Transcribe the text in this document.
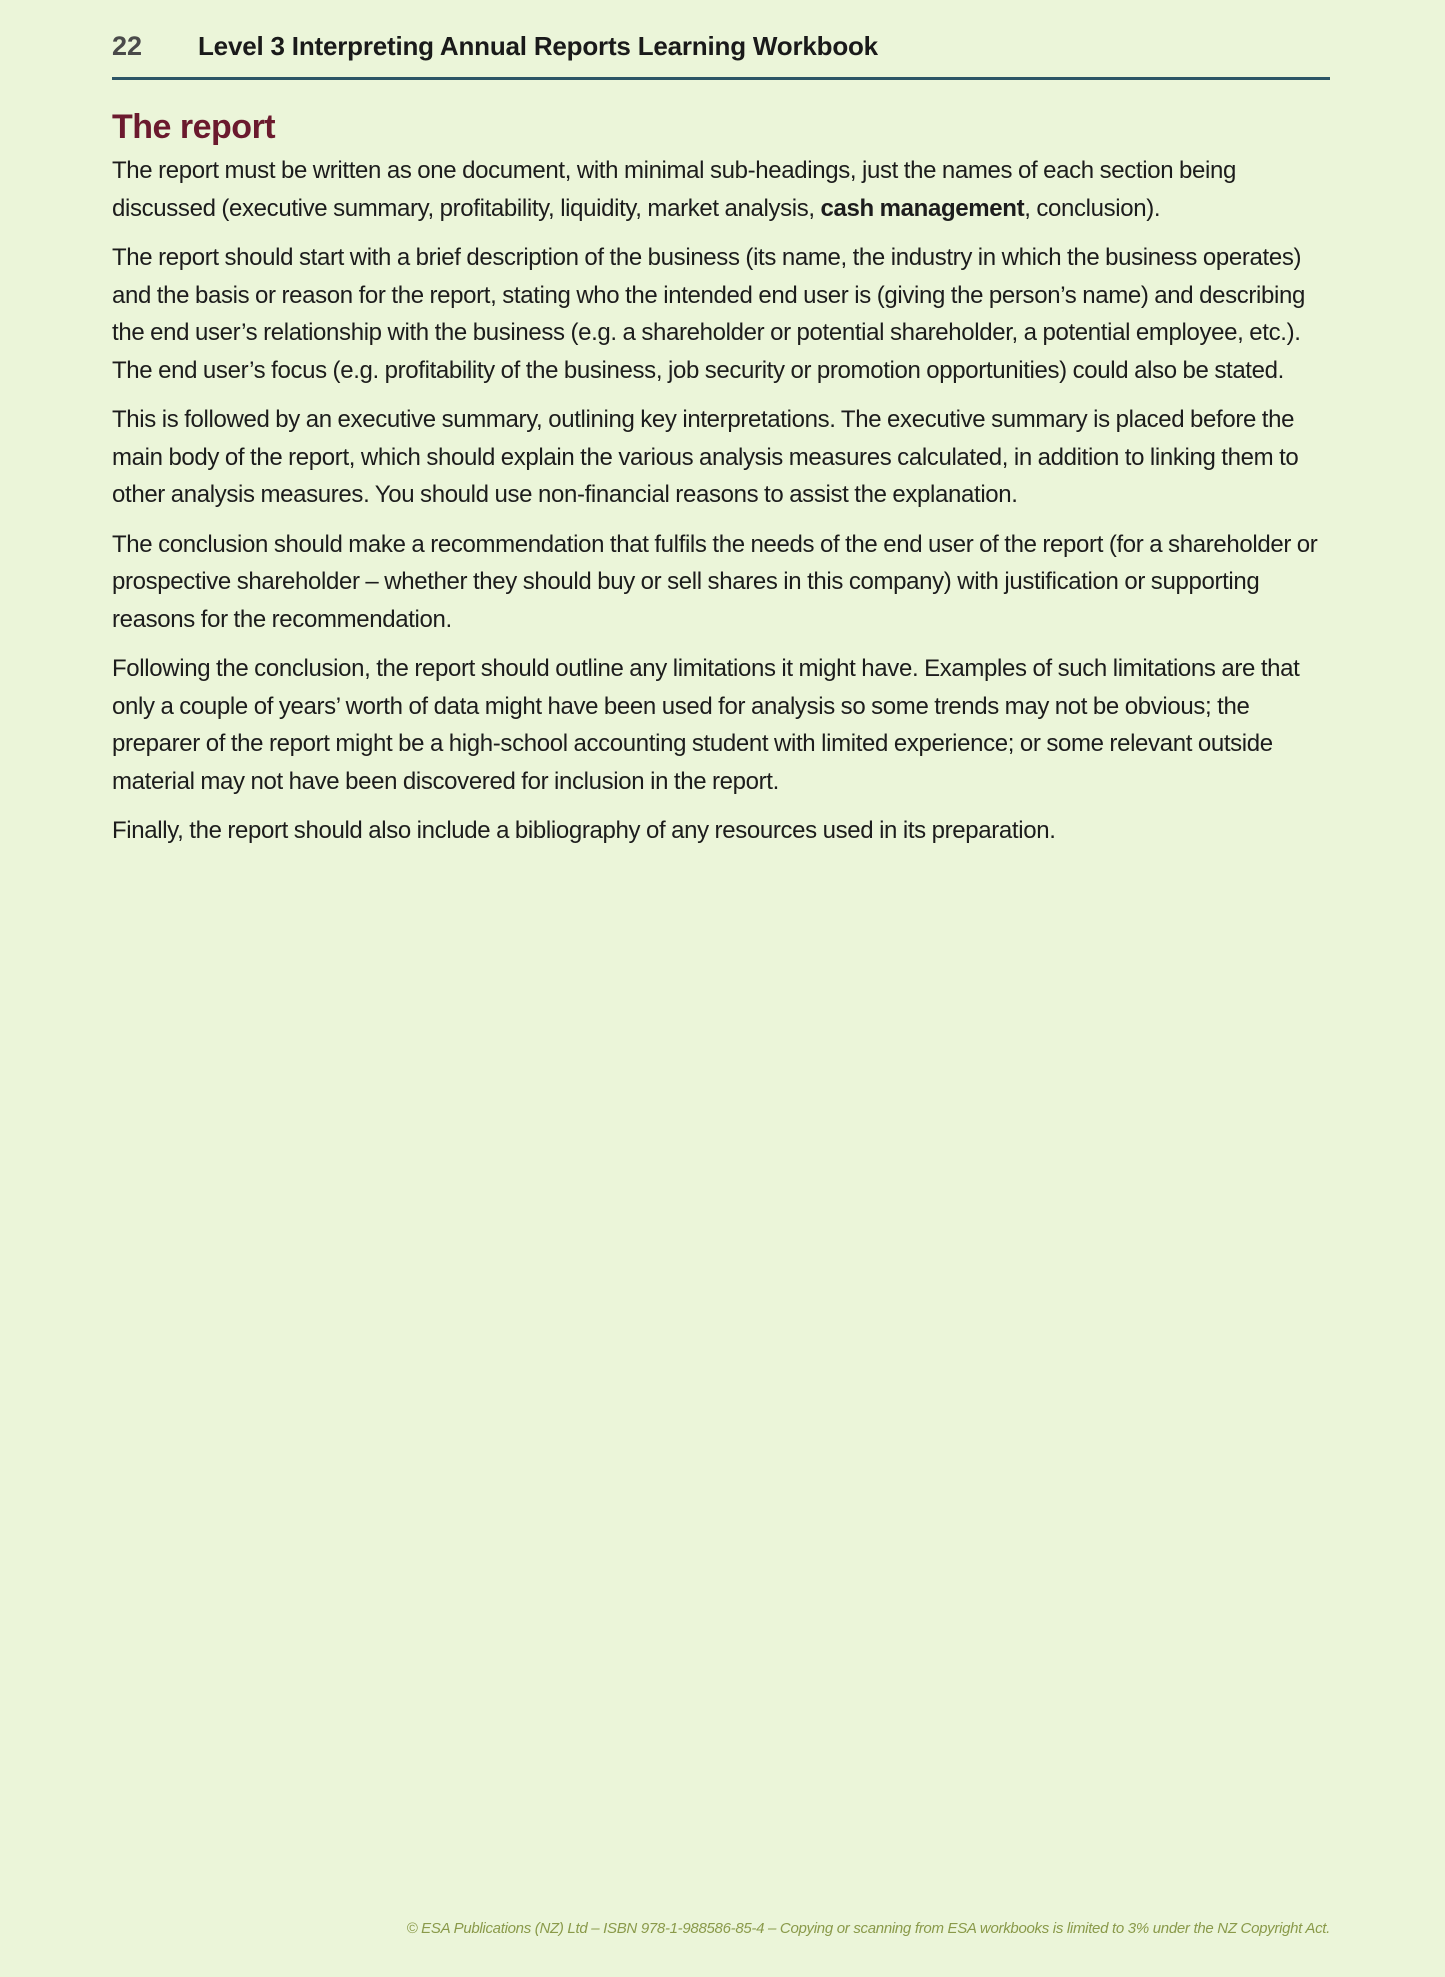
22 Level 3 Interpreting Annual Reports Learning Workbook
The report

The report must be written as one document, with minimal sub-headings, just the names of each section being discussed (executive summary, profitability, liquidity, market analysis, cash management, conclusion).

The report should start with a brief description of the business (its name, the industry in which the business operates) and the basis or reason for the report, stating who the intended end user is (giving the person’s name) and describing the end user’s relationship with the business (e.g. a shareholder or potential shareholder, a potential employee, etc.). The end user’s focus (e.g. profitability of the business, job security or promotion opportunities) could also be stated.

This is followed by an executive summary, outlining key interpretations. The executive summary is placed before the main body of the report, which should explain the various analysis measures calculated, in addition to linking them to other analysis measures. You should use non-financial reasons to assist the explanation.

The conclusion should make a recommendation that fulfils the needs of the end user of the report (for a shareholder or prospective shareholder – whether they should buy or sell shares in this company) with justification or supporting reasons for the recommendation.

Following the conclusion, the report should outline any limitations it might have. Examples of such limitations are that only a couple of years’ worth of data might have been used for analysis so some trends may not be obvious; the preparer of the report might be a high-school accounting student with limited experience; or some relevant outside material may not have been discovered for inclusion in the report.

Finally, the report should also include a bibliography of any resources used in its preparation.

© ESA Publications (NZ) Ltd – ISBN 978-1-988586-85-4 – Copying or scanning from ESA workbooks is limited to 3% under the NZ Copyright Act.
